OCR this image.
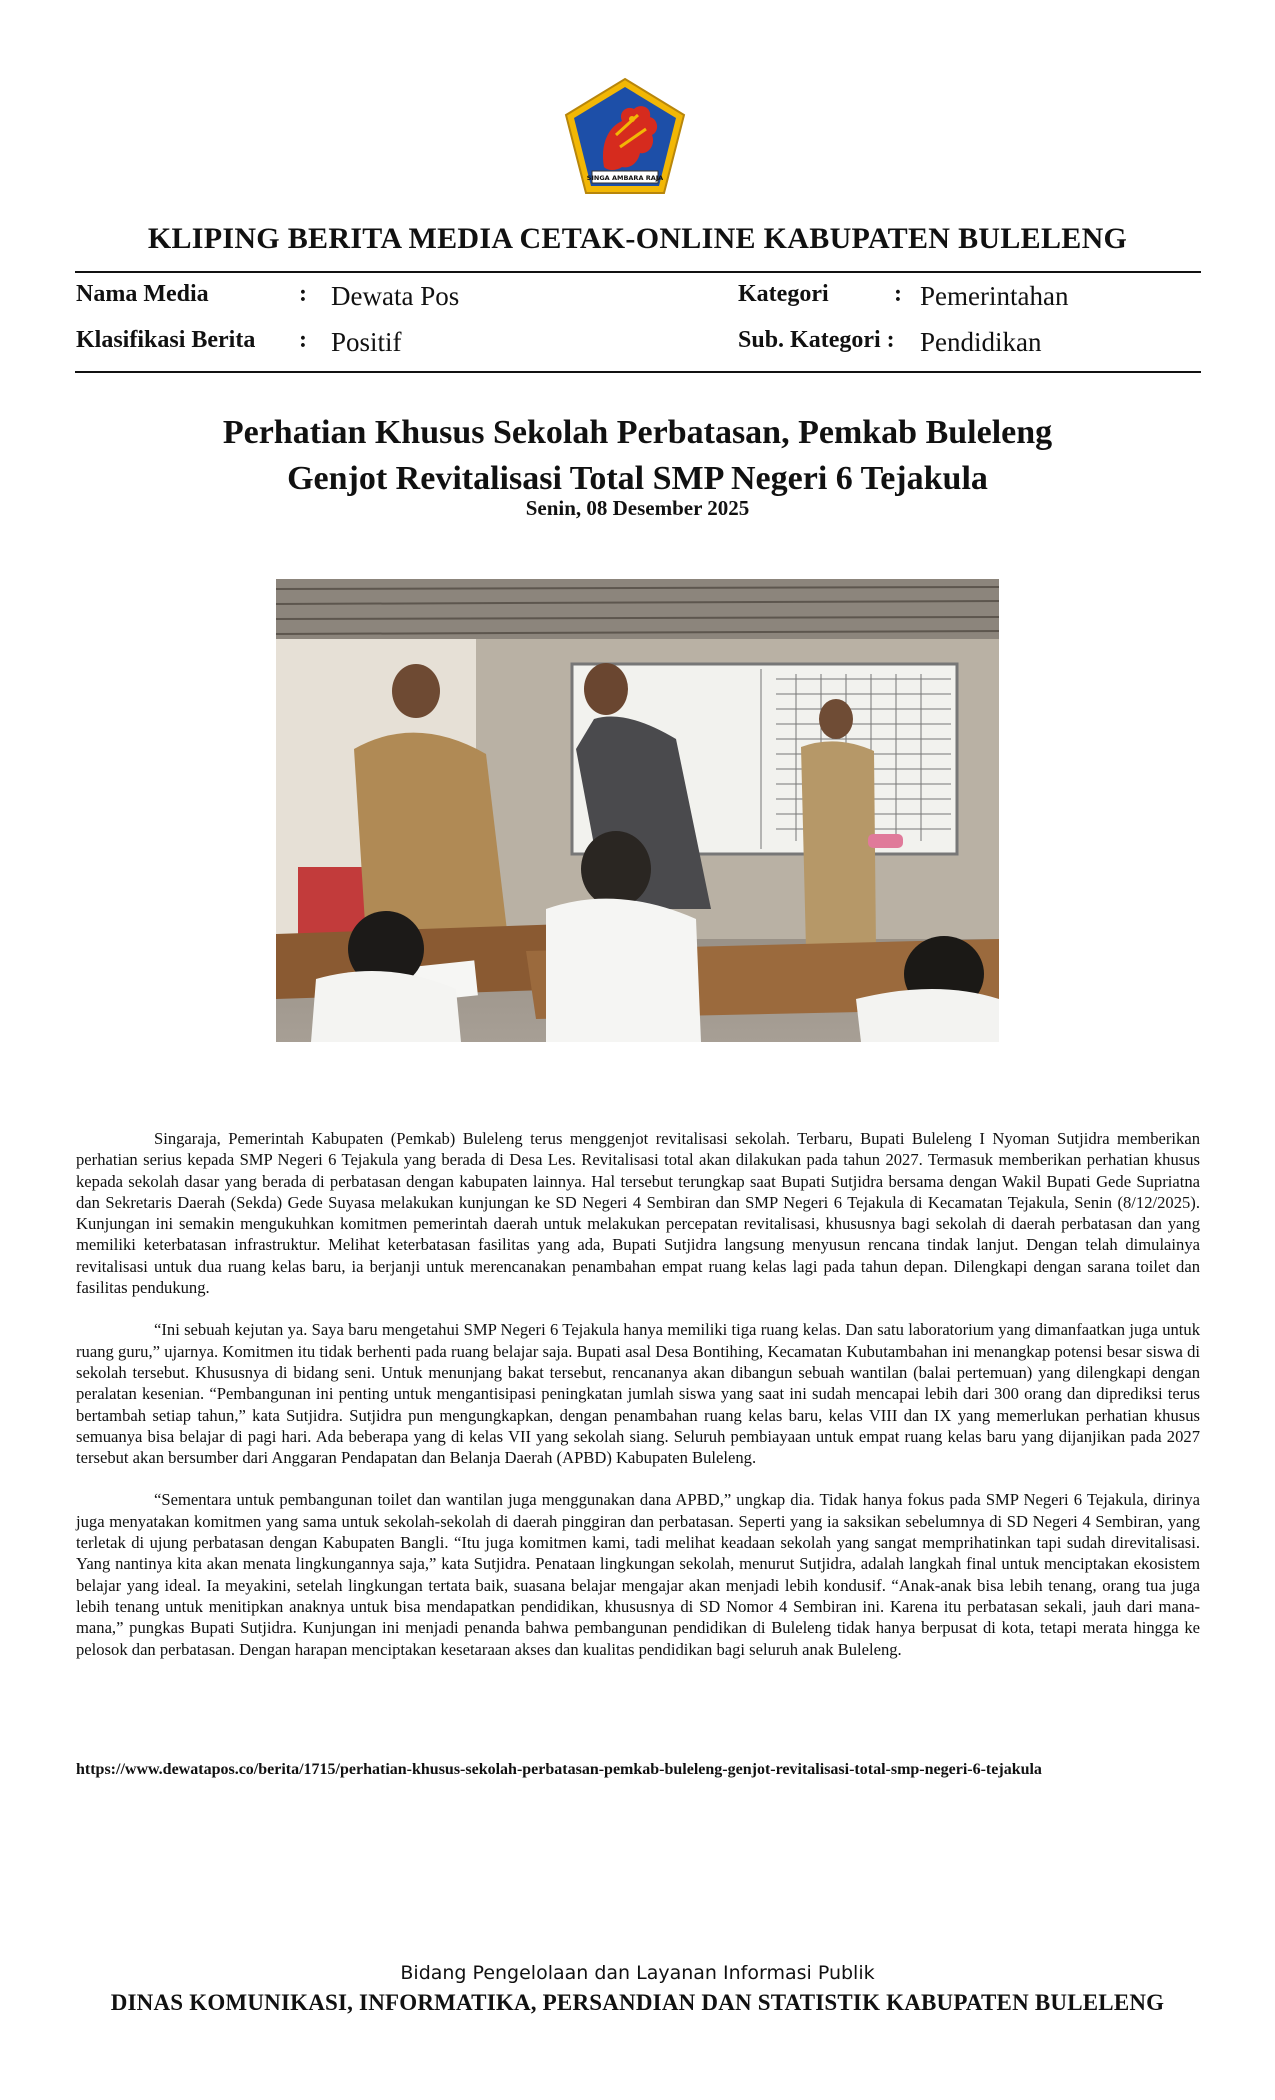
SINGA AMBARA RAJA
KLIPING BERITA MEDIA CETAK-ONLINE KABUPATEN BULELENG
Nama Media	: Dewata Pos	Kategori	: Pemerintahan
Klasifikasi Berita : Positif	Sub. Kategori : Pendidikan
Perhatian Khusus Sekolah Perbatasan, Pemkab Buleleng
Genjot Revitalisasi Total SMP Negeri 6 Tejakula
Senin, 08 Desember 2025

Singaraja, Pemerintah Kabupaten (Pemkab) Buleleng terus menggenjot revitalisasi sekolah. Terbaru, Bupati Buleleng I Nyoman Sutjidra memberikan perhatian serius kepada SMP Negeri 6 Tejakula yang berada di Desa Les. Revitalisasi total akan dilakukan pada tahun 2027. Termasuk memberikan perhatian khusus kepada sekolah dasar yang berada di perbatasan dengan kabupaten lainnya. Hal tersebut terungkap saat Bupati Sutjidra bersama dengan Wakil Bupati Gede Supriatna dan Sekretaris Daerah (Sekda) Gede Suyasa melakukan kunjungan ke SD Negeri 4 Sembiran dan SMP Negeri 6 Tejakula di Kecamatan Tejakula, Senin (8/12/2025). Kunjungan ini semakin mengukuhkan komitmen pemerintah daerah untuk melakukan percepatan revitalisasi, khususnya bagi sekolah di daerah perbatasan dan yang memiliki keterbatasan infrastruktur. Melihat keterbatasan fasilitas yang ada, Bupati Sutjidra langsung menyusun rencana tindak lanjut. Dengan telah dimulainya revitalisasi untuk dua ruang kelas baru, ia berjanji untuk merencanakan penambahan empat ruang kelas lagi pada tahun depan. Dilengkapi dengan sarana toilet dan fasilitas pendukung.

“Ini sebuah kejutan ya. Saya baru mengetahui SMP Negeri 6 Tejakula hanya memiliki tiga ruang kelas. Dan satu laboratorium yang dimanfaatkan juga untuk ruang guru,” ujarnya. Komitmen itu tidak berhenti pada ruang belajar saja. Bupati asal Desa Bontihing, Kecamatan Kubutambahan ini menangkap potensi besar siswa di sekolah tersebut. Khususnya di bidang seni. Untuk menunjang bakat tersebut, rencananya akan dibangun sebuah wantilan (balai pertemuan) yang dilengkapi dengan peralatan kesenian. “Pembangunan ini penting untuk mengantisipasi peningkatan jumlah siswa yang saat ini sudah mencapai lebih dari 300 orang dan diprediksi terus bertambah setiap tahun,” kata Sutjidra. Sutjidra pun mengungkapkan, dengan penambahan ruang kelas baru, kelas VIII dan IX yang memerlukan perhatian khusus semuanya bisa belajar di pagi hari. Ada beberapa yang di kelas VII yang sekolah siang. Seluruh pembiayaan untuk empat ruang kelas baru yang dijanjikan pada 2027 tersebut akan bersumber dari Anggaran Pendapatan dan Belanja Daerah (APBD) Kabupaten Buleleng.

“Sementara untuk pembangunan toilet dan wantilan juga menggunakan dana APBD,” ungkap dia. Tidak hanya fokus pada SMP Negeri 6 Tejakula, dirinya juga menyatakan komitmen yang sama untuk sekolah-sekolah di daerah pinggiran dan perbatasan. Seperti yang ia saksikan sebelumnya di SD Negeri 4 Sembiran, yang terletak di ujung perbatasan dengan Kabupaten Bangli. “Itu juga komitmen kami, tadi melihat keadaan sekolah yang sangat memprihatinkan tapi sudah direvitalisasi. Yang nantinya kita akan menata lingkungannya saja,” kata Sutjidra. Penataan lingkungan sekolah, menurut Sutjidra, adalah langkah final untuk menciptakan ekosistem belajar yang ideal. Ia meyakini, setelah lingkungan tertata baik, suasana belajar mengajar akan menjadi lebih kondusif. “Anak-anak bisa lebih tenang, orang tua juga lebih tenang untuk menitipkan anaknya untuk bisa mendapatkan pendidikan, khususnya di SD Nomor 4 Sembiran ini. Karena itu perbatasan sekali, jauh dari mana-mana,” pungkas Bupati Sutjidra. Kunjungan ini menjadi penanda bahwa pembangunan pendidikan di Buleleng tidak hanya berpusat di kota, tetapi merata hingga ke pelosok dan perbatasan. Dengan harapan menciptakan kesetaraan akses dan kualitas pendidikan bagi seluruh anak Buleleng.

https://www.dewatapos.co/berita/1715/perhatian-khusus-sekolah-perbatasan-pemkab-buleleng-genjot-revitalisasi-total-smp-negeri-6-tejakula
Bidang Pengelolaan dan Layanan Informasi Publik
DINAS KOMUNIKASI, INFORMATIKA, PERSANDIAN DAN STATISTIK KABUPATEN BULELENG
